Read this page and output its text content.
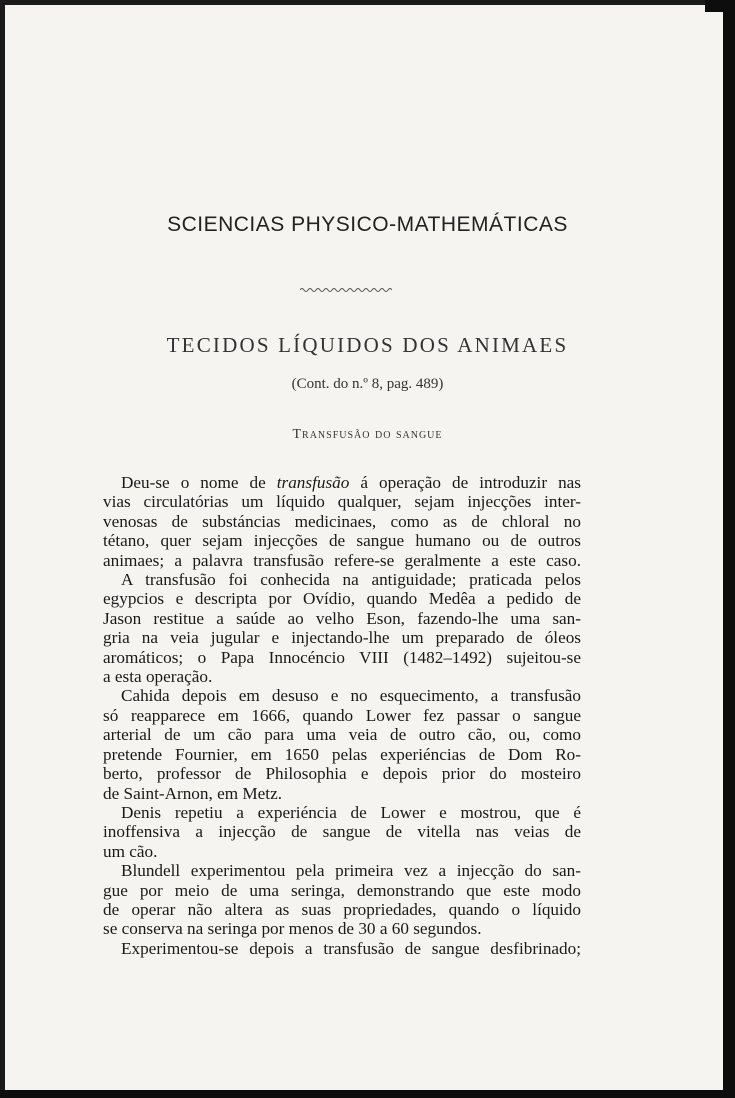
SCIENCIAS PHYSICO-MATHEMÁTICAS
TECIDOS LÍQUIDOS DOS ANIMAES
(Cont. do n.º 8, pag. 489)
Transfusão do sangue
Deu-se o nome de transfusão á operação de introduzir nas
vias circulatórias um líquido qualquer, sejam injecções inter-
venosas de substáncias medicinaes, como as de chloral no
tétano, quer sejam injecções de sangue humano ou de outros
animaes; a palavra transfusão refere-se geralmente a este caso.
A transfusão foi conhecida na antiguidade; praticada pelos
egypcios e descripta por Ovídio, quando Medêa a pedido de
Jason restitue a saúde ao velho Eson, fazendo-lhe uma san-
gria na veia jugular e injectando-lhe um preparado de óleos
aromáticos; o Papa Innocéncio VIII (1482–1492) sujeitou-se
a esta operação.
Cahida depois em desuso e no esquecimento, a transfusão
só reapparece em 1666, quando Lower fez passar o sangue
arterial de um cão para uma veia de outro cão, ou, como
pretende Fournier, em 1650 pelas experiéncias de Dom Ro-
berto, professor de Philosophia e depois prior do mosteiro
de Saint-Arnon, em Metz.
Denis repetiu a experiéncia de Lower e mostrou, que é
inoffensiva a injecção de sangue de vitella nas veias de
um cão.
Blundell experimentou pela primeira vez a injecção do san-
gue por meio de uma seringa, demonstrando que este modo
de operar não altera as suas propriedades, quando o líquido
se conserva na seringa por menos de 30 a 60 segundos.
Experimentou-se depois a transfusão de sangue desfibrinado;
